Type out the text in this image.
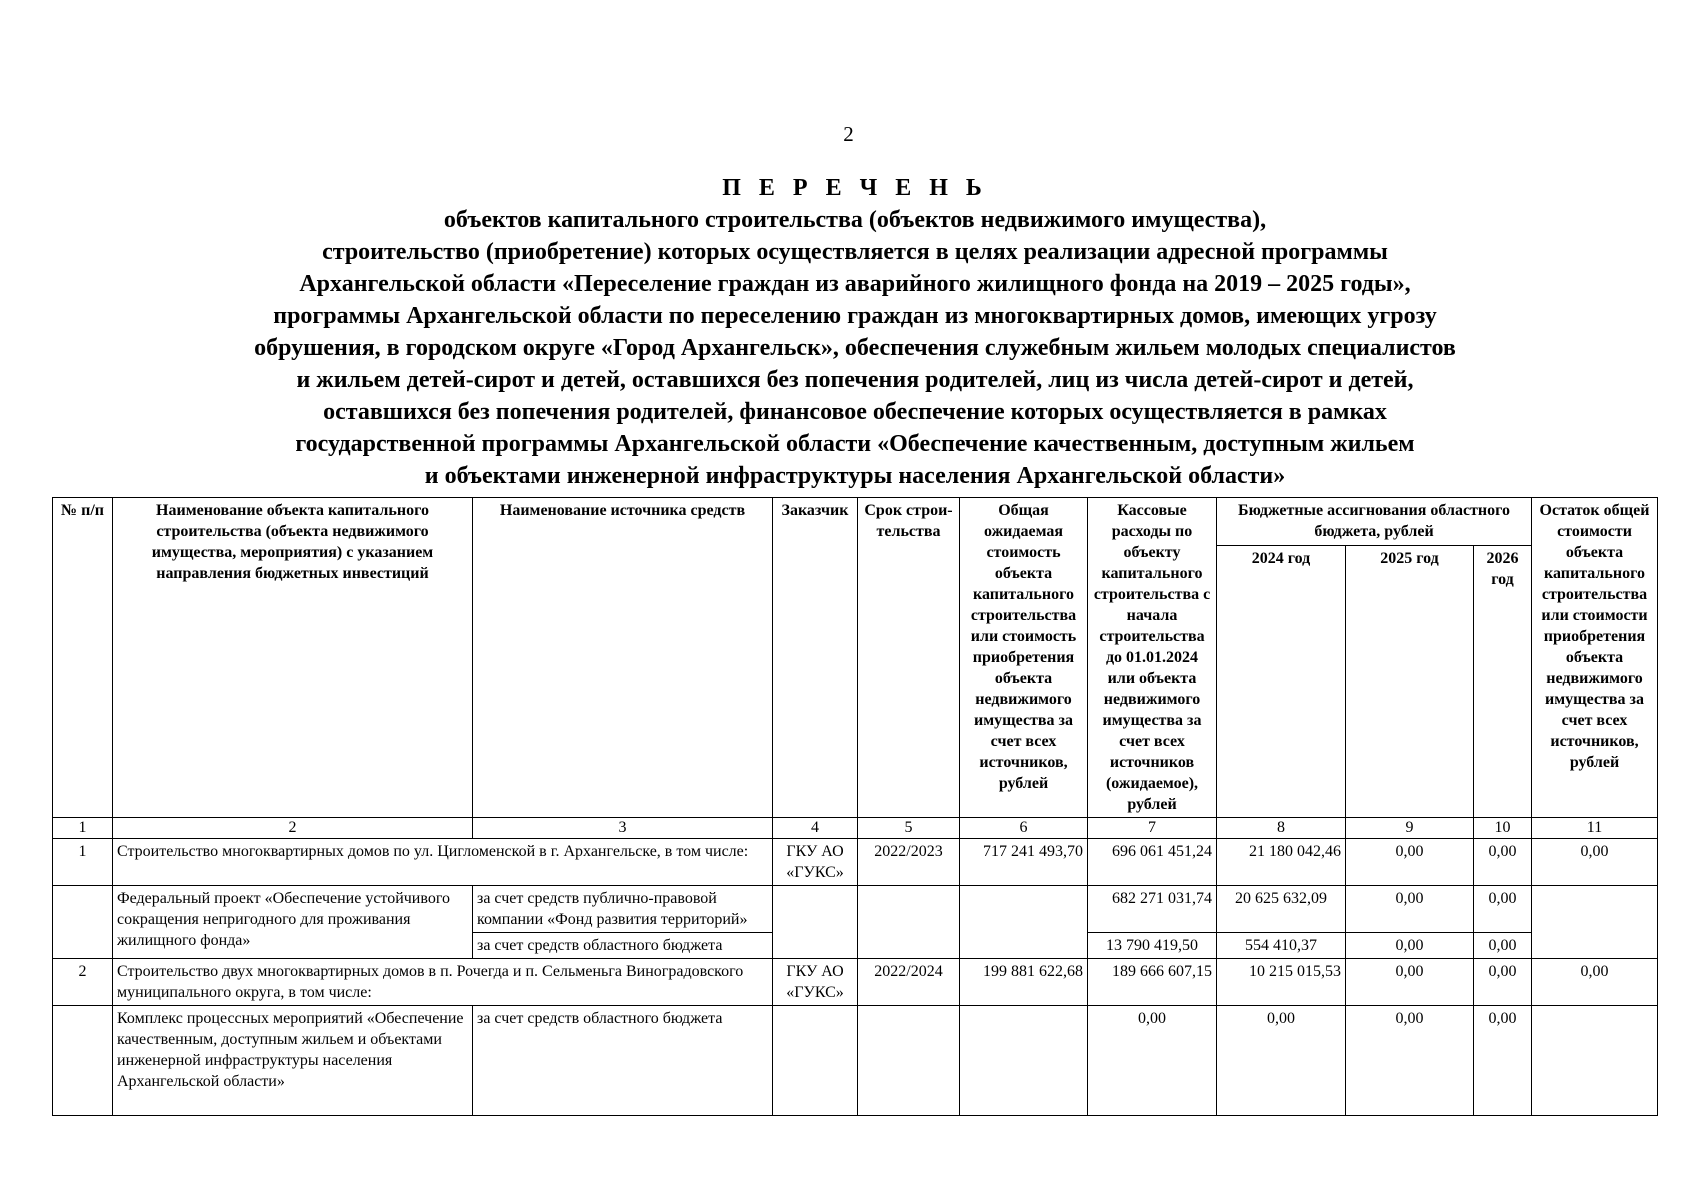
2
П Е Р Е Ч Е Н Ь
объектов капитального строительства (объектов недвижимого имущества),
строительство (приобретение) которых осуществляется в целях реализации адресной программы
Архангельской области «Переселение граждан из аварийного жилищного фонда на 2019 – 2025 годы»,
программы Архангельской области по переселению граждан из многоквартирных домов, имеющих угрозу
обрушения, в городском округе «Город Архангельск», обеспечения служебным жильем молодых специалистов
и жильем детей-сирот и детей, оставшихся без попечения родителей, лиц из числа детей-сирот и детей,
оставшихся без попечения родителей, финансовое обеспечение которых осуществляется в рамках
государственной программы Архангельской области «Обеспечение качественным, доступным жильем
и объектами инженерной инфраструктуры населения Архангельской области»
№ п/п	Наименование объекта капитального строительства (объекта недвижимого имущества, мероприятия) с указанием направления бюджетных инвестиций	Наименование источника средств	Заказчик	Срок строи- тельства	Общая ожидаемая стоимость объекта капитального строительства или стоимость приобретения объекта недвижимого имущества за счет всех источников, рублей	Кассовые расходы по объекту капитального строительства с начала строительства до 01.01.2024 или объекта недвижимого имущества за счет всех источников (ожидаемое), рублей	Бюджетные ассигнования областного бюджета, рублей			Остаток общей стоимости объекта капитального строительства или стоимости приобретения объекта недвижимого имущества за счет всех источников, рублей
							2024 год	2025 год	2026 год	
1	2	3	4	5	6	7	8	9	10	11
1	Строительство многоквартирных домов по ул. Цигломенской в г. Архангельске, в том числе:		ГКУ АО «ГУКС»	2022/2023	717 241 493,70	696 061 451,24	21 180 042,46	0,00	0,00	0,00
	Федеральный проект «Обеспечение устойчивого сокращения непригодного для проживания жилищного фонда»	за счет средств публично-правовой компании «Фонд развития территорий»				682 271 031,74	20 625 632,09	0,00	0,00	
		за счет средств областного бюджета				13 790 419,50	554 410,37	0,00	0,00	
2	Строительство двух многоквартирных домов в п. Рочегда и п. Сельменьга Виноградовского муниципального округа, в том числе:		ГКУ АО «ГУКС»	2022/2024	199 881 622,68	189 666 607,15	10 215 015,53	0,00	0,00	0,00
	Комплекс процессных мероприятий «Обеспечение качественным, доступным жильем и объектами инженерной инфраструктуры населения Архангельской области»	за счет средств областного бюджета				0,00	0,00	0,00	0,00	
